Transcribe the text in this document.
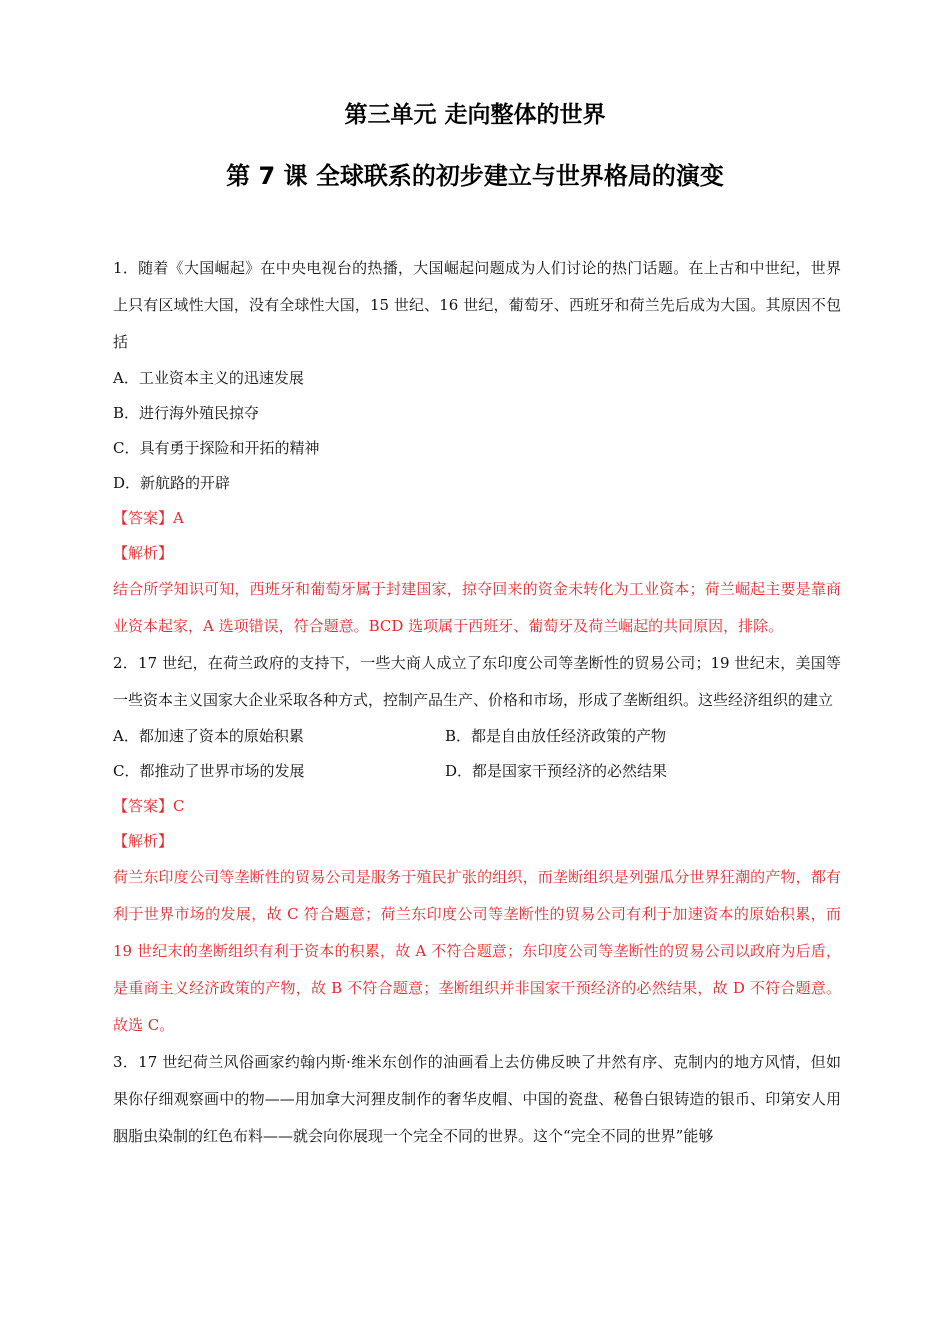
第三单元 走向整体的世界
第 7 课 全球联系的初步建立与世界格局的演变

1．随着《大国崛起》在中央电视台的热播，大国崛起问题成为人们讨论的热门话题。在上古和中世纪，世界上只有区域性大国，没有全球性大国，15 世纪、16 世纪，葡萄牙、西班牙和荷兰先后成为大国。其原因不包括

A．工业资本主义的迅速发展

B．进行海外殖民掠夺

C．具有勇于探险和开拓的精神

D．新航路的开辟

【答案】A

【解析】

结合所学知识可知，西班牙和葡萄牙属于封建国家，掠夺回来的资金未转化为工业资本；荷兰崛起主要是靠商业资本起家，A 选项错误，符合题意。BCD 选项属于西班牙、葡萄牙及荷兰崛起的共同原因，排除。

2．17 世纪，在荷兰政府的支持下，一些大商人成立了东印度公司等垄断性的贸易公司；19 世纪末，美国等一些资本主义国家大企业采取各种方式，控制产品生产、价格和市场，形成了垄断组织。这些经济组织的建立

A．都加速了资本的原始积累	B．都是自由放任经济政策的产物

C．都推动了世界市场的发展	D．都是国家干预经济的必然结果

【答案】C

【解析】

荷兰东印度公司等垄断性的贸易公司是服务于殖民扩张的组织，而垄断组织是列强瓜分世界狂潮的产物，都有利于世界市场的发展，故 C 符合题意；荷兰东印度公司等垄断性的贸易公司有利于加速资本的原始积累，而 19 世纪末的垄断组织有利于资本的积累，故 A 不符合题意；东印度公司等垄断性的贸易公司以政府为后盾，是重商主义经济政策的产物，故 B 不符合题意；垄断组织并非国家干预经济的必然结果，故 D 不符合题意。故选 C。

3．17 世纪荷兰风俗画家约翰内斯·维米东创作的油画看上去仿佛反映了井然有序、克制内的地方风情，但如果你仔细观察画中的物——用加拿大河狸皮制作的奢华皮帽、中国的瓷盘、秘鲁白银铸造的银币、印第安人用胭脂虫染制的红色布料——就会向你展现一个完全不同的世界。这个“完全不同的世界”能够
